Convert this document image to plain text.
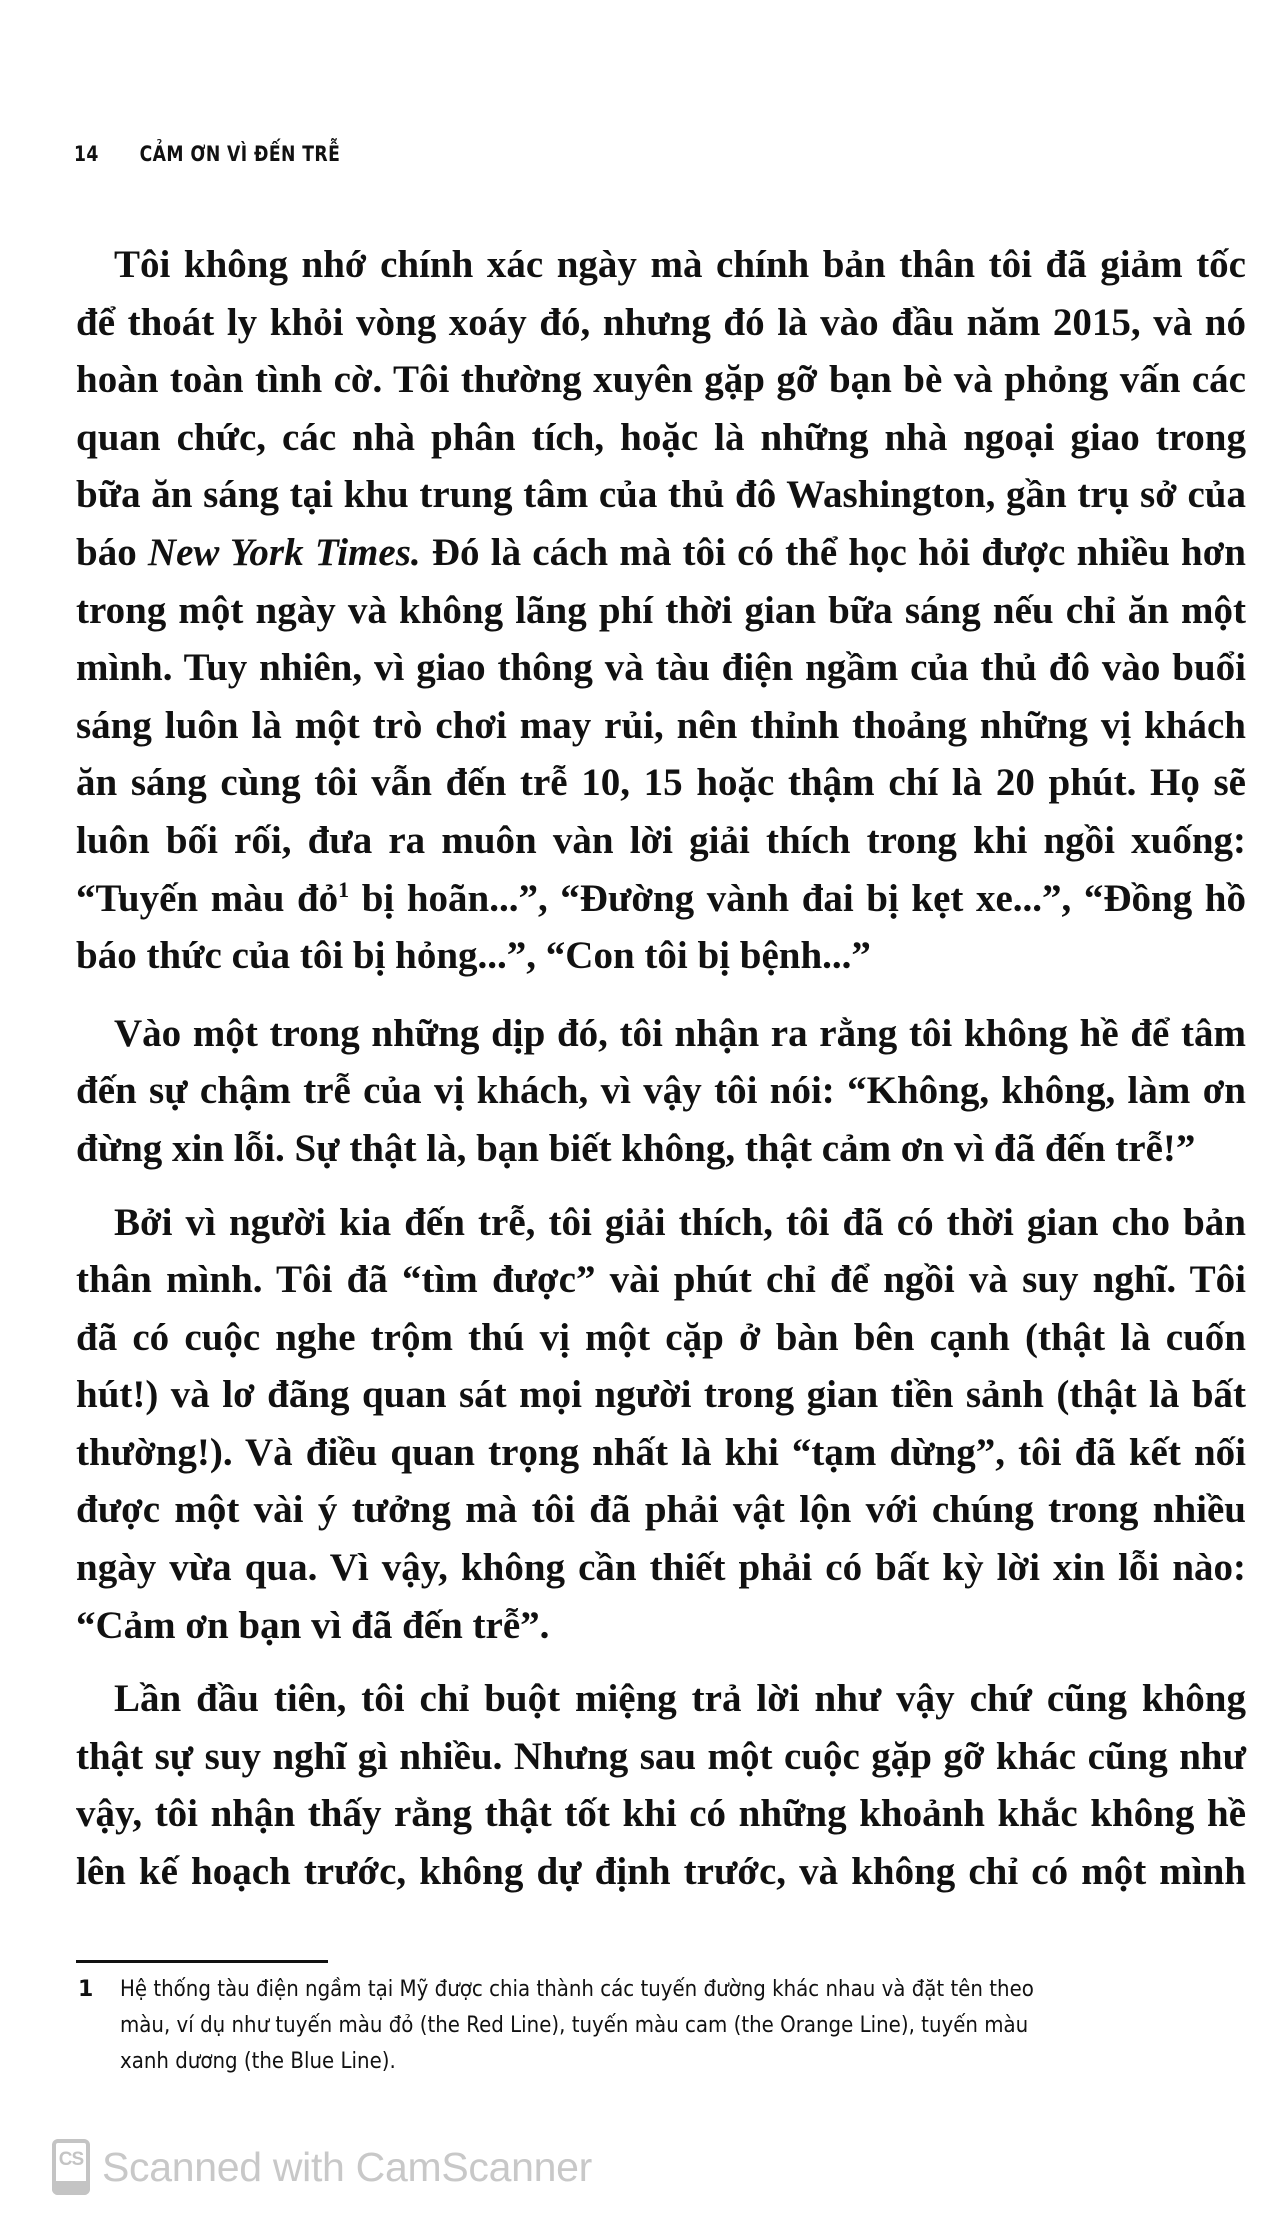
14 CẢM ƠN VÌ ĐẾN TRỄ
Tôi không nhớ chính xác ngày mà chính bản thân tôi đã giảm tốc
để thoát ly khỏi vòng xoáy đó, nhưng đó là vào đầu năm 2015, và nó
hoàn toàn tình cờ. Tôi thường xuyên gặp gỡ bạn bè và phỏng vấn các
quan chức, các nhà phân tích, hoặc là những nhà ngoại giao trong
bữa ăn sáng tại khu trung tâm của thủ đô Washington, gần trụ sở của
báo New York Times. Đó là cách mà tôi có thể học hỏi được nhiều hơn
trong một ngày và không lãng phí thời gian bữa sáng nếu chỉ ăn một
mình. Tuy nhiên, vì giao thông và tàu điện ngầm của thủ đô vào buổi
sáng luôn là một trò chơi may rủi, nên thỉnh thoảng những vị khách
ăn sáng cùng tôi vẫn đến trễ 10, 15 hoặc thậm chí là 20 phút. Họ sẽ
luôn bối rối, đưa ra muôn vàn lời giải thích trong khi ngồi xuống:
“Tuyến màu đỏ$^1$ bị hoãn...”, “Đường vành đai bị kẹt xe...”, “Đồng hồ
báo thức của tôi bị hỏng...”, “Con tôi bị bệnh...”
Vào một trong những dịp đó, tôi nhận ra rằng tôi không hề để tâm
đến sự chậm trễ của vị khách, vì vậy tôi nói: “Không, không, làm ơn
đừng xin lỗi. Sự thật là, bạn biết không, thật cảm ơn vì đã đến trễ!”
Bởi vì người kia đến trễ, tôi giải thích, tôi đã có thời gian cho bản
thân mình. Tôi đã “tìm được” vài phút chỉ để ngồi và suy nghĩ. Tôi
đã có cuộc nghe trộm thú vị một cặp ở bàn bên cạnh (thật là cuốn
hút!) và lơ đãng quan sát mọi người trong gian tiền sảnh (thật là bất
thường!). Và điều quan trọng nhất là khi “tạm dừng”, tôi đã kết nối
được một vài ý tưởng mà tôi đã phải vật lộn với chúng trong nhiều
ngày vừa qua. Vì vậy, không cần thiết phải có bất kỳ lời xin lỗi nào:
“Cảm ơn bạn vì đã đến trễ”.
Lần đầu tiên, tôi chỉ buột miệng trả lời như vậy chứ cũng không
thật sự suy nghĩ gì nhiều. Nhưng sau một cuộc gặp gỡ khác cũng như
vậy, tôi nhận thấy rằng thật tốt khi có những khoảnh khắc không hề
lên kế hoạch trước, không dự định trước, và không chỉ có một mình
1 Hệ thống tàu điện ngầm tại Mỹ được chia thành các tuyến đường khác nhau và đặt tên theo
màu, ví dụ như tuyến màu đỏ (the Red Line), tuyến màu cam (the Orange Line), tuyến màu
xanh dương (the Blue Line).
CS Scanned with CamScanner
